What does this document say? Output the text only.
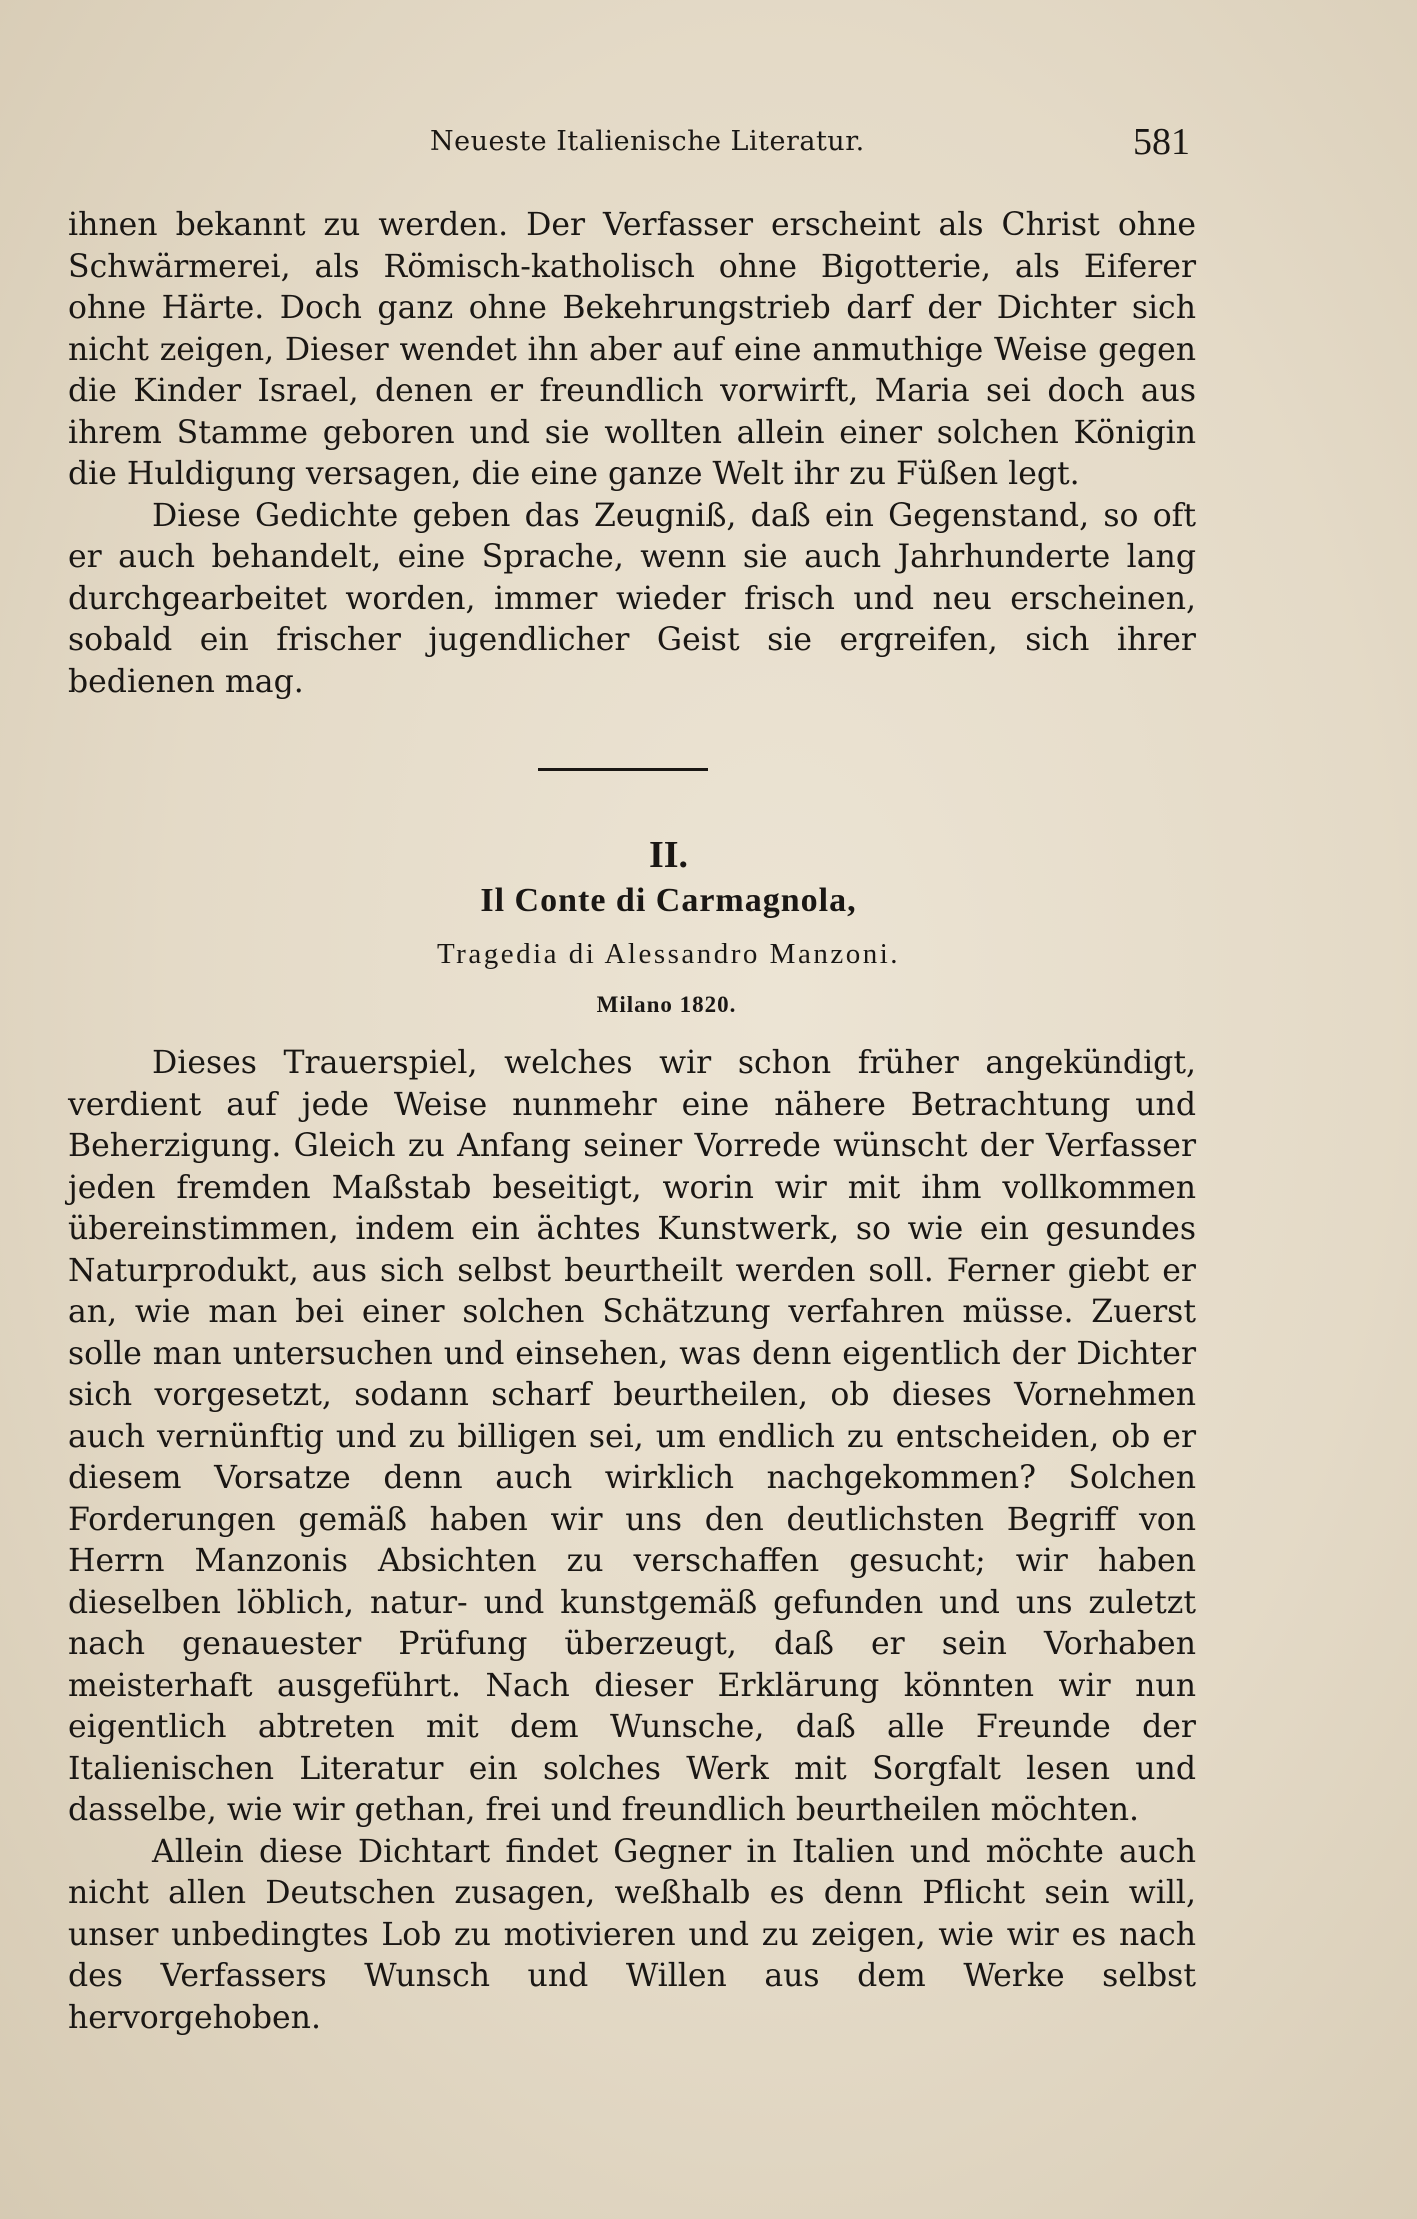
Neueste Italienische Literatur.	581

ihnen bekannt zu werden. Der Verfasser erscheint als Christ ohne Schwärmerei, als Römisch-katholisch ohne Bigotterie, als Eiferer ohne Härte. Doch ganz ohne Bekehrungstrieb darf der Dichter sich nicht zeigen, Dieser wendet ihn aber auf eine anmuthige Weise gegen die Kinder Israel, denen er freundlich vorwirft, Maria sei doch aus ihrem Stamme geboren und sie wollten allein einer solchen Königin die Huldigung versagen, die eine ganze Welt ihr zu Füßen legt.

Diese Gedichte geben das Zeugniß, daß ein Gegenstand, so oft er auch behandelt, eine Sprache, wenn sie auch Jahrhunderte lang durchgearbeitet worden, immer wieder frisch und neu erscheinen, sobald ein frischer jugendlicher Geist sie ergreifen, sich ihrer bedienen mag.

II.
Il Conte di Carmagnola,
Tragedia di Alessandro Manzoni.
Milano 1820.

Dieses Trauerspiel, welches wir schon früher angekündigt, verdient auf jede Weise nunmehr eine nähere Betrachtung und Beherzigung. Gleich zu Anfang seiner Vorrede wünscht der Verfasser jeden fremden Maßstab beseitigt, worin wir mit ihm vollkommen übereinstimmen, indem ein ächtes Kunstwerk, so wie ein gesundes Naturprodukt, aus sich selbst beurtheilt werden soll. Ferner giebt er an, wie man bei einer solchen Schätzung verfahren müsse. Zuerst solle man untersuchen und einsehen, was denn eigentlich der Dichter sich vorgesetzt, sodann scharf beurtheilen, ob dieses Vornehmen auch vernünftig und zu billigen sei, um endlich zu entscheiden, ob er diesem Vorsatze denn auch wirklich nachgekommen? Solchen Forderungen gemäß haben wir uns den deutlichsten Begriff von Herrn Manzonis Absichten zu verschaffen gesucht; wir haben dieselben löblich, natur- und kunstgemäß gefunden und uns zuletzt nach genauester Prüfung überzeugt, daß er sein Vorhaben meisterhaft ausgeführt. Nach dieser Erklärung könnten wir nun eigentlich abtreten mit dem Wunsche, daß alle Freunde der Italienischen Literatur ein solches Werk mit Sorgfalt lesen und dasselbe, wie wir gethan, frei und freundlich beurtheilen möchten.

Allein diese Dichtart findet Gegner in Italien und möchte auch nicht allen Deutschen zusagen, weßhalb es denn Pflicht sein will, unser unbedingtes Lob zu motivieren und zu zeigen, wie wir es nach des Verfassers Wunsch und Willen aus dem Werke selbst hervorgehoben.
